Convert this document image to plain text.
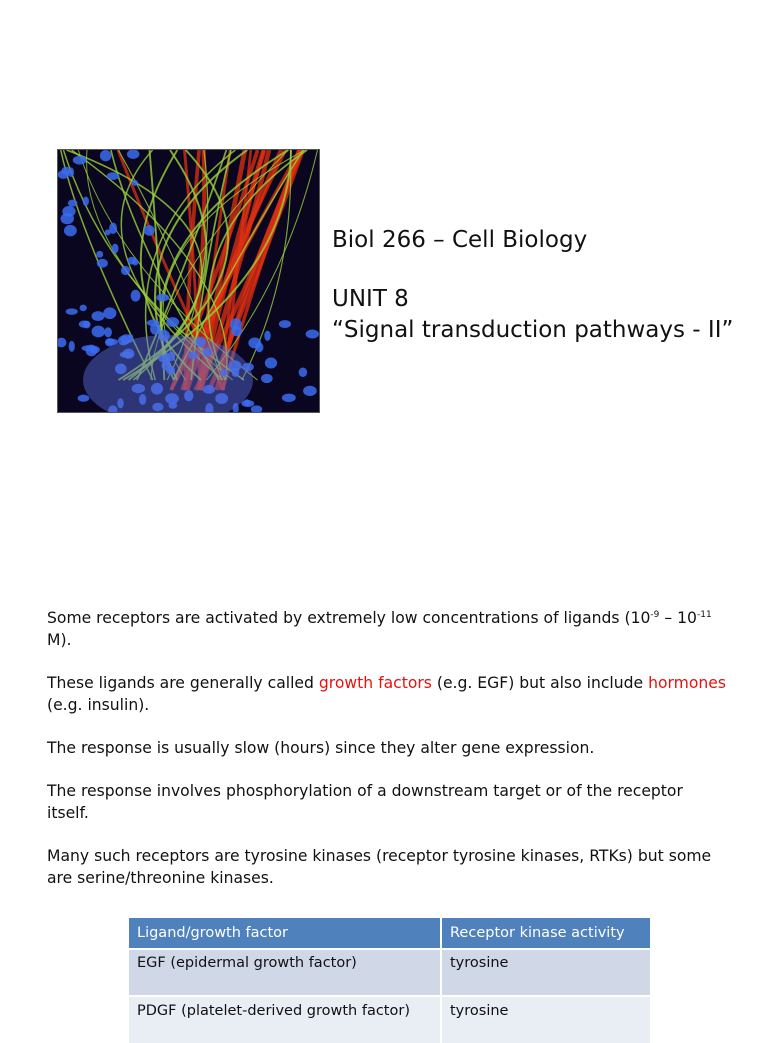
Biol 266 – Cell Biology
UNIT 8
“Signal transduction pathways - II”

Some receptors are activated by extremely low concentrations of ligands ($10^{-9} - 10^{-11}$ M).

These ligands are generally called growth factors (e.g. EGF) but also include hormones (e.g. insulin).

The response is usually slow (hours) since they alter gene expression.

The response involves phosphorylation of a downstream target or of the receptor itself.

Many such receptors are tyrosine kinases (receptor tyrosine kinases, RTKs) but some are serine/threonine kinases.

Ligand/growth factor	Receptor kinase activity
EGF (epidermal growth factor)	tyrosine
PDGF (platelet-derived growth factor)	tyrosine
